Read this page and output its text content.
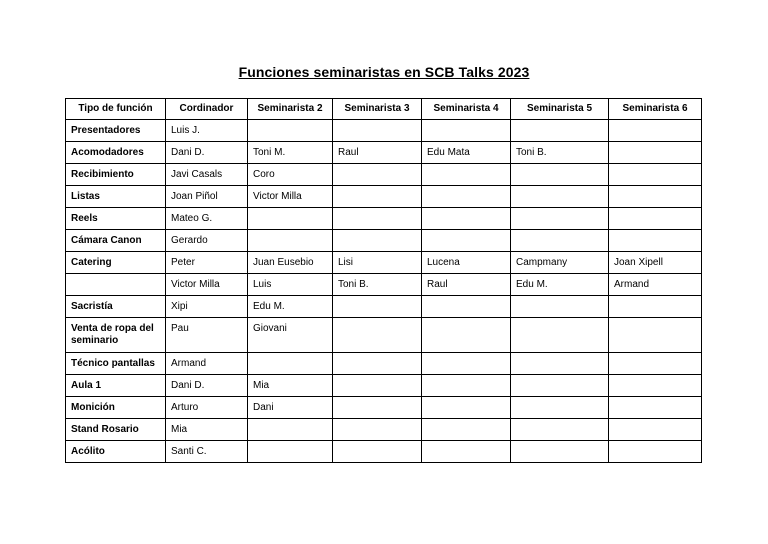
Funciones seminaristas en SCB Talks 2023
Tipo de función	Cordinador	Seminarista 2	Seminarista 3	Seminarista 4	Seminarista 5	Seminarista 6
Presentadores	Luis J.					
Acomodadores	Dani D.	Toni M.	Raul	Edu Mata	Toni B.	
Recibimiento	Javi Casals	Coro				
Listas	Joan Piñol	Victor Milla				
Reels	Mateo G.					
Cámara Canon	Gerardo					
Catering	Peter	Juan Eusebio	Lisi	Lucena	Campmany	Joan Xipell
	Victor Milla	Luis	Toni B.	Raul	Edu M.	Armand
Sacristía	Xipi	Edu M.				
Venta de ropa del seminario	Pau	Giovani				
Técnico pantallas	Armand					
Aula 1	Dani D.	Mia				
Monición	Arturo	Dani				
Stand Rosario	Mia					
Acólito	Santi C.					
